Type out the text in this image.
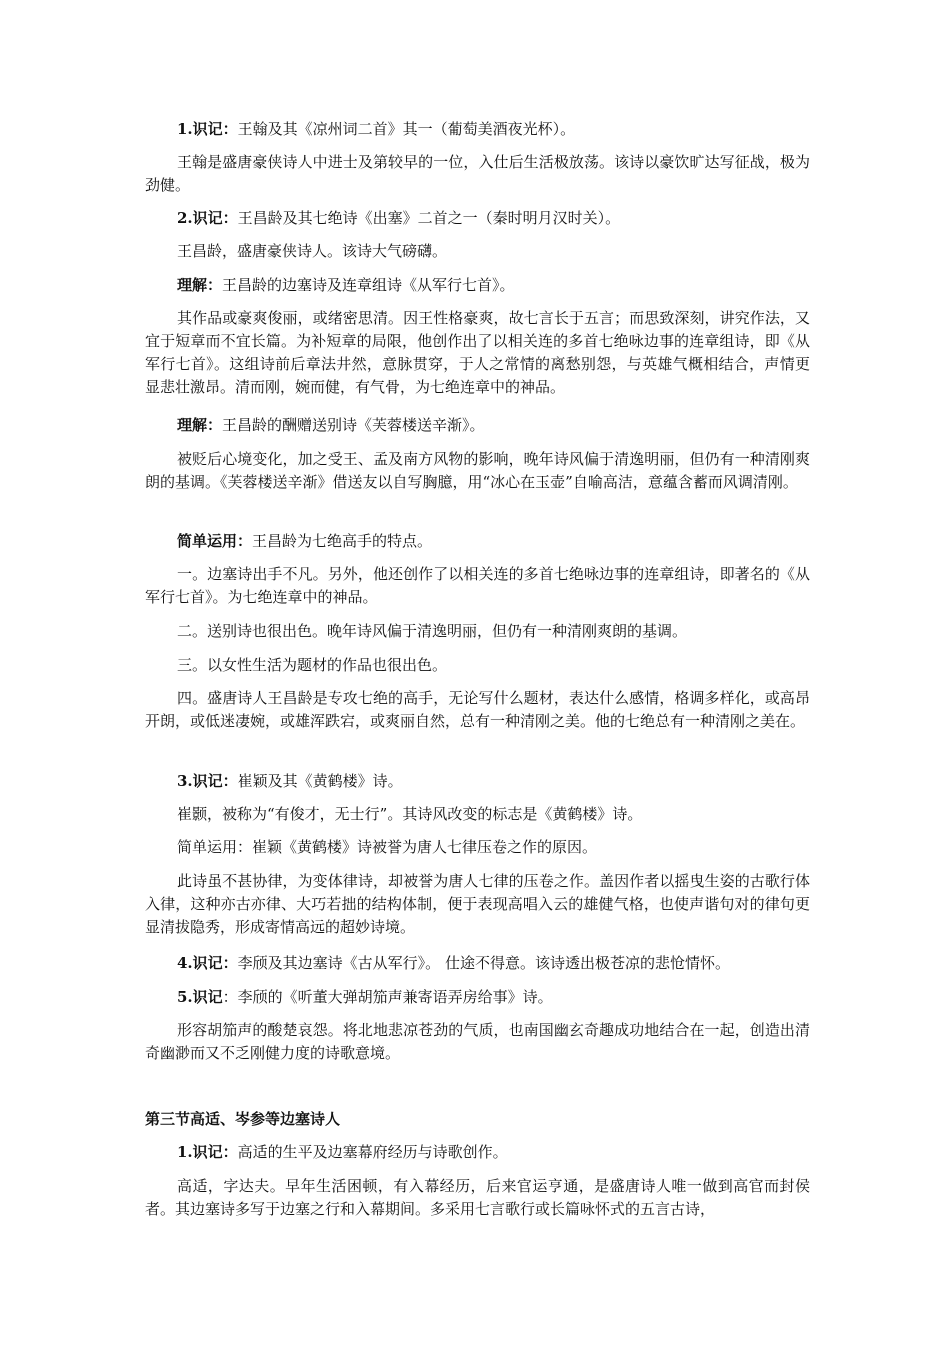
1.识记：王翰及其《凉州词二首》其一（葡萄美酒夜光杯）。

王翰是盛唐豪侠诗人中进士及第较早的一位，入仕后生活极放荡。该诗以豪饮旷达写征战，极为劲健。

2.识记：王昌龄及其七绝诗《出塞》二首之一（秦时明月汉时关）。

王昌龄，盛唐豪侠诗人。该诗大气磅礴。

理解：王昌龄的边塞诗及连章组诗《从军行七首》。

其作品或豪爽俊丽，或绪密思清。因王性格豪爽，故七言长于五言；而思致深刻，讲究作法，又宜于短章而不宜长篇。为补短章的局限，他创作出了以相关连的多首七绝咏边事的连章组诗，即《从军行七首》。这组诗前后章法井然，意脉贯穿，于人之常情的离愁别怨，与英雄气概相结合，声情更显悲壮激昂。清而刚，婉而健，有气骨，为七绝连章中的神品。

理解：王昌龄的酬赠送别诗《芙蓉楼送辛渐》。

被贬后心境变化，加之受王、孟及南方风物的影响，晚年诗风偏于清逸明丽，但仍有一种清刚爽朗的基调。《芙蓉楼送辛渐》借送友以自写胸臆，用“冰心在玉壶”自喻高洁，意蕴含蓄而风调清刚。

简单运用：王昌龄为七绝高手的特点。

一。边塞诗出手不凡。另外，他还创作了以相关连的多首七绝咏边事的连章组诗，即著名的《从军行七首》。为七绝连章中的神品。

二。送别诗也很出色。晚年诗风偏于清逸明丽，但仍有一种清刚爽朗的基调。

三。以女性生活为题材的作品也很出色。

四。盛唐诗人王昌龄是专攻七绝的高手，无论写什么题材，表达什么感情，格调多样化，或高昂开朗，或低迷凄婉，或雄浑跌宕，或爽丽自然，总有一种清刚之美。他的七绝总有一种清刚之美在。

3.识记：崔颖及其《黄鹤楼》诗。

崔颢，被称为“有俊才，无士行”。其诗风改变的标志是《黄鹤楼》诗。

简单运用：崔颖《黄鹤楼》诗被誉为唐人七律压卷之作的原因。

此诗虽不甚协律，为变体律诗，却被誉为唐人七律的压卷之作。盖因作者以摇曳生姿的古歌行体入律，这种亦古亦律、大巧若拙的结构体制，便于表现高唱入云的雄健气格，也使声谐句对的律句更显清拔隐秀，形成寄情高远的超妙诗境。

4.识记：李颀及其边塞诗《古从军行》。 仕途不得意。该诗透出极苍凉的悲怆情怀。

5.识记：李颀的《听董大弹胡笳声兼寄语弄房给事》诗。

形容胡笳声的酸楚哀怨。将北地悲凉苍劲的气质，也南国幽玄奇趣成功地结合在一起，创造出清奇幽渺而又不乏刚健力度的诗歌意境。

第三节高适、岑参等边塞诗人

1.识记：高适的生平及边塞幕府经历与诗歌创作。

高适，字达夫。早年生活困顿，有入幕经历，后来官运亨通，是盛唐诗人唯一做到高官而封侯者。其边塞诗多写于边塞之行和入幕期间。多采用七言歌行或长篇咏怀式的五言古诗，
